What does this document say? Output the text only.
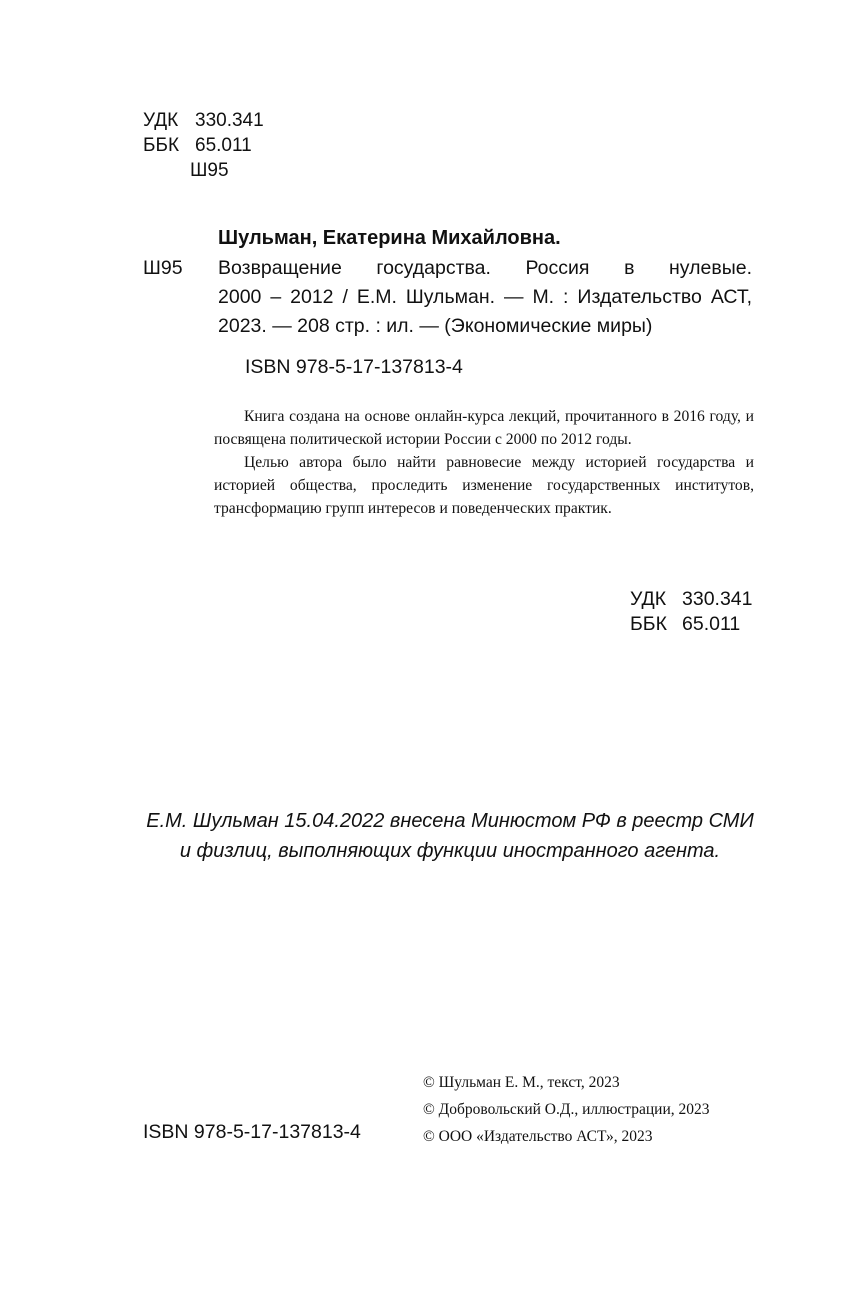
УДК 330.341
ББК 65.011
Ш95
Шульман, Екатерина Михайловна.
Ш95 Возвращение государства. Россия в нулевые.
2000 – 2012 / Е.М. Шульман. — М. : Издательство АСТ,
2023. — 208 стр. : ил. — (Экономические миры)
ISBN 978-5-17-137813-4

Книга создана на основе онлайн-курса лекций, прочитанного в 2016 году, и посвящена политической истории России с 2000 по 2012 годы.

Целью автора было найти равновесие между историей государства и историей общества, проследить изменение государственных институтов, трансформацию групп интересов и поведенческих практик.

УДК 330.341
ББК 65.011
Е.М. Шульман 15.04.2022 внесена Минюстом РФ в реестр СМИ
и физлиц, выполняющих функции иностранного агента.
© Шульман Е. М., текст, 2023
© Добровольский О.Д., иллюстрации, 2023
© ООО «Издательство АСТ», 2023
ISBN 978-5-17-137813-4
